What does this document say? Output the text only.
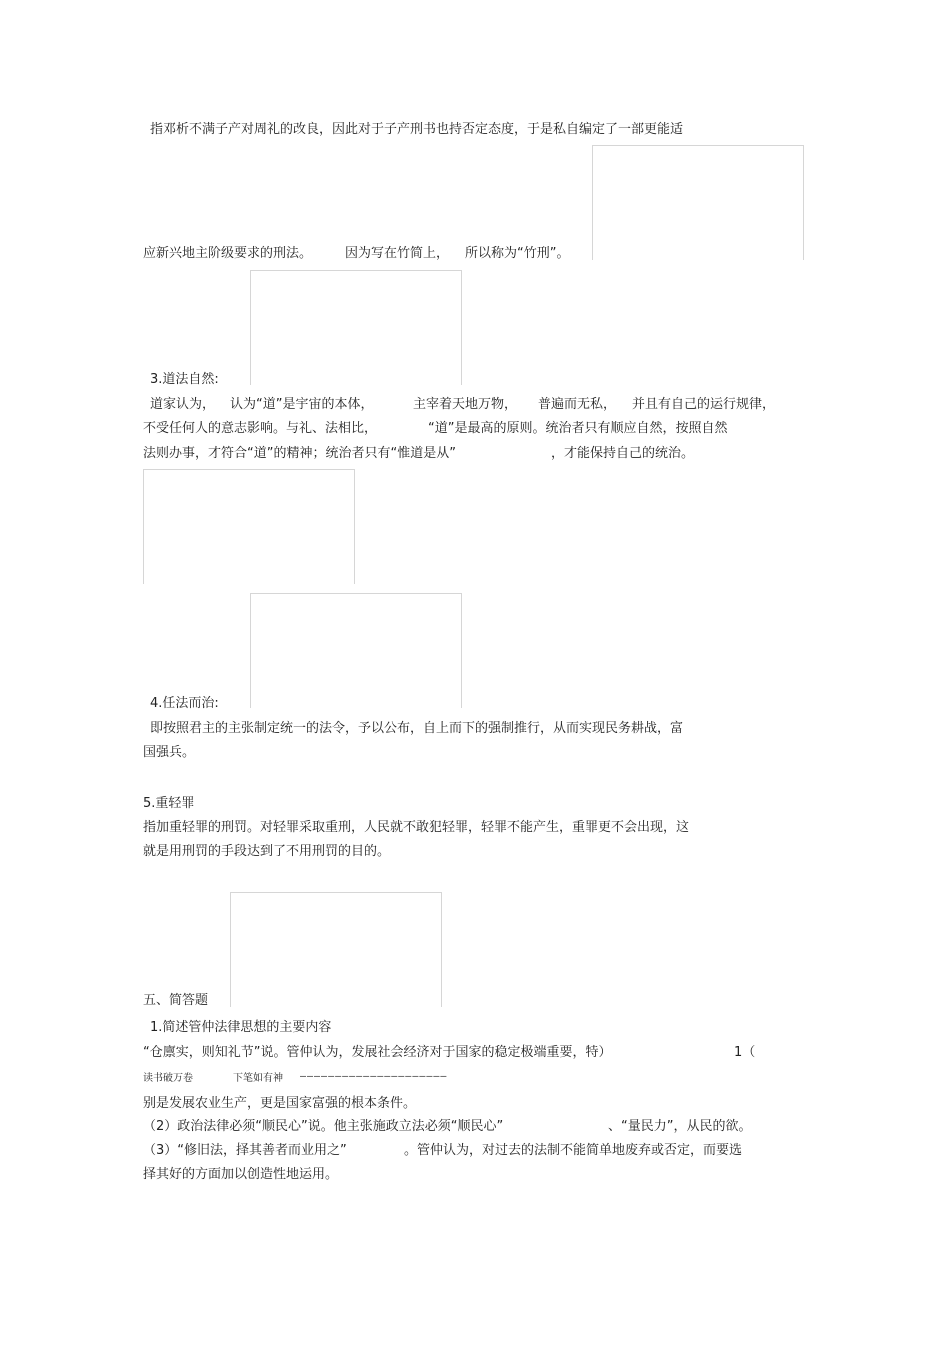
指邓析不满子产对周礼的改良，因此对于子产刑书也持否定态度，于是私自编定了一部更能适
应新兴地主阶级要求的刑法。	因为写在竹简上， 所以称为“竹刑”。
3.道法自然:
道家认为， 认为“道”是宇宙的本体，	主宰着天地万物， 普遍而无私， 并且有自己的运行规律，
不受任何人的意志影响。与礼、法相比，	“道”是最高的原则。统治者只有顺应自然，按照自然
法则办事，才符合“道”的精神；统治者只有“惟道是从”	，才能保持自己的统治。
4.任法而治:
即按照君主的主张制定统一的法令，予以公布，自上而下的强制推行，从而实现民务耕战，富
国强兵。
5.重轻罪
指加重轻罪的刑罚。对轻罪采取重刑，人民就不敢犯轻罪，轻罪不能产生，重罪更不会出现，这
就是用刑罚的手段达到了不用刑罚的目的。
五、简答题
1.简述管仲法律思想的主要内容
“仓廪实，则知礼节”说。管仲认为，发展社会经济对于国家的稳定极端重要，特）	1（
读书破万卷	下笔如有神 –––––––––––––––––––––
别是发展农业生产，更是国家富强的根本条件。
（2）政治法律必须“顺民心”说。他主张施政立法必须“顺民心”	、“量民力”，从民的欲。
（3）“修旧法，择其善者而业用之”	。管仲认为，对过去的法制不能简单地废弃或否定，而要选
择其好的方面加以创造性地运用。
